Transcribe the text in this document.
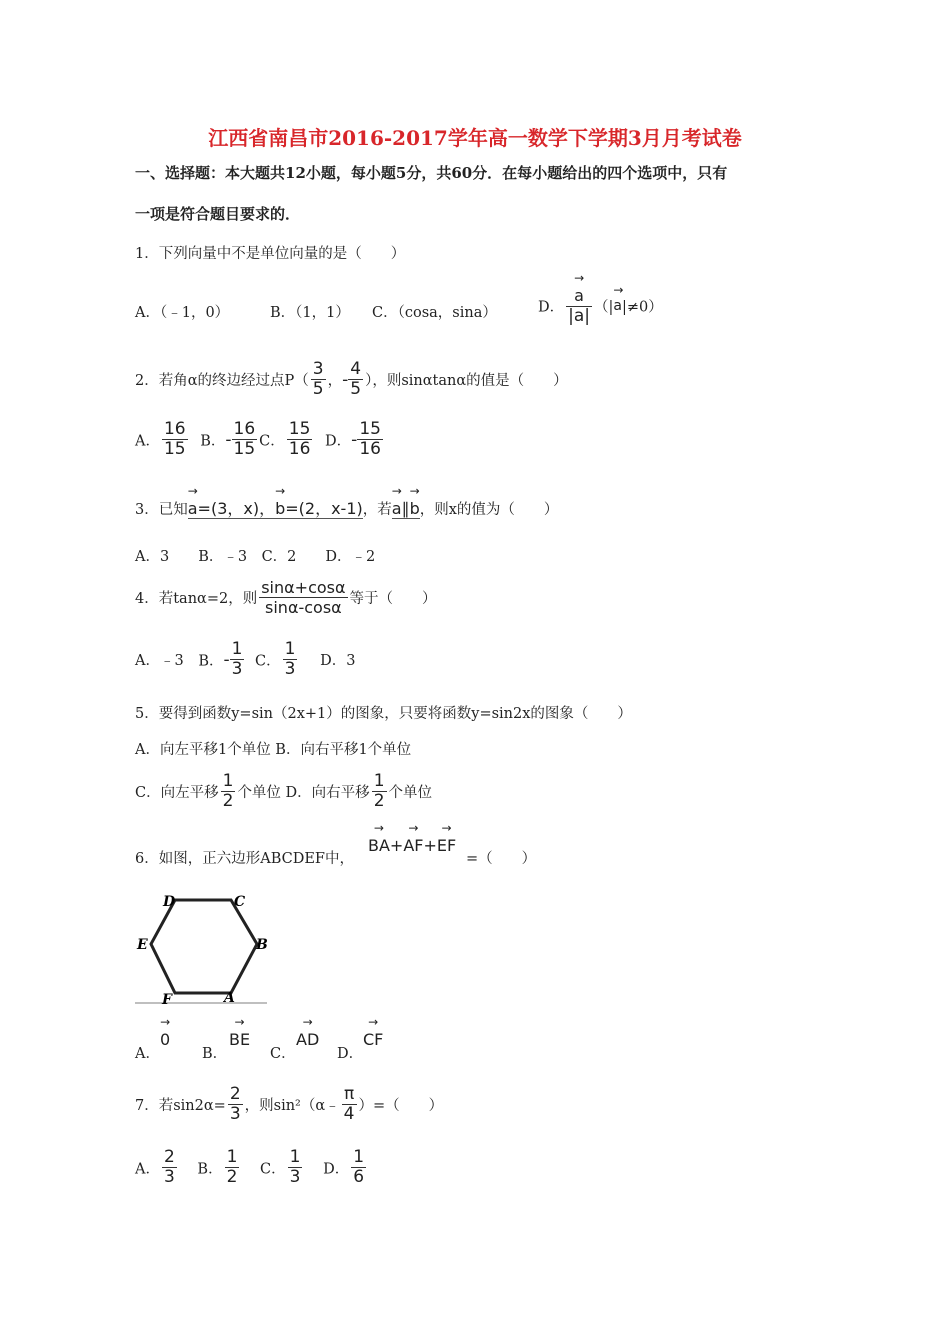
江西省南昌市2016-2017学年高一数学下学期3月月考试卷
一、选择题：本大题共12小题，每小题5分，共60分．在每小题给出的四个选项中，只有
一项是符合题目要求的．
1．下列向量中不是单位向量的是（　　）
A．（﹣1，0）	B．（1，1） C．（cosa，sina）	D．
→ $\frac{a}{|a|}$ （|→ a|≠0）
2．若角α的终边经过点$P( \frac{3}{5}$ ，- $\frac{4}{5}$ ），则sinαtanα的值是（　　）
A． $\frac{16}{15}$ B．- $\frac{16}{15}$ C． $\frac{15}{16}$ D．- $\frac{15}{16}$
3．已知→ a=(3，x)，→ b=(2，x-1)，若→ a∥→ b，则x的值为（　　）
A．3　　B．﹣3　C．2　　D．﹣2
4．若tanα=2，则 $\frac{\sin\alpha+\cos\alpha}{\sin\alpha-\cos\alpha}$ 等于（　　）
A．﹣3 B．- $\frac{1}{3}$ C． $\frac{1}{3}$ D．3
5．要得到函数y=sin（2x+1）的图象，只要将函数y=sin2x的图象（　　）
A．向左平移1个单位 B．向右平移1个单位
C．向左平移 $\frac{1}{2}$ 个单位 D．向右平移 $\frac{1}{2}$ 个单位
6．如图，正六边形ABCDEF中，
→ BA+→ AF+→ EF
=（　　）
D	C
E	B
F	A
A．
→ 0
B．
→ BE
C．
→ AD
D．
→ CF
7．若$\sin 2\alpha= \frac{2}{3}$ ，则sin²（α﹣ $\frac{\pi}{4}$ ）=（　　）
A． $\frac{2}{3}$ B． $\frac{1}{2}$ C． $\frac{1}{3}$ D． $\frac{1}{6}$
